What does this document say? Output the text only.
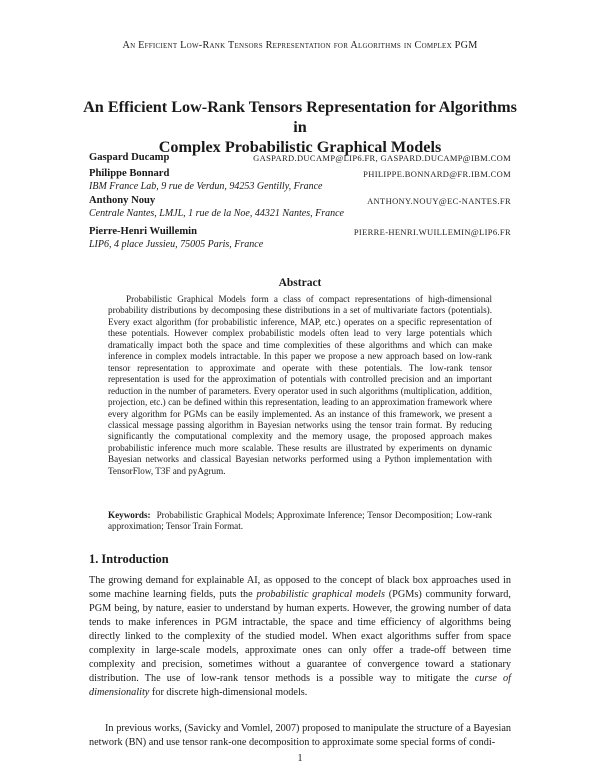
An Efficient Low-Rank Tensors Representation for Algorithms in Complex PGM
An Efficient Low-Rank Tensors Representation for Algorithms in
Complex Probabilistic Graphical Models
Gaspard Ducamp	GASPARD.DUCAMP@LIP6.FR, GASPARD.DUCAMP@IBM.COM
Philippe Bonnard	PHILIPPE.BONNARD@FR.IBM.COM
IBM France Lab, 9 rue de Verdun, 94253 Gentilly, France
Anthony Nouy	ANTHONY.NOUY@EC-NANTES.FR
Centrale Nantes, LMJL, 1 rue de la Noe, 44321 Nantes, France
Pierre-Henri Wuillemin	PIERRE-HENRI.WUILLEMIN@LIP6.FR
LIP6, 4 place Jussieu, 75005 Paris, France
Abstract

Probabilistic Graphical Models form a class of compact representations of high-dimensional probability distributions by decomposing these distributions in a set of multivariate factors (potentials). Every exact algorithm (for probabilistic inference, MAP, etc.) operates on a specific representation of these potentials. However complex probabilistic models often lead to very large potentials which dramatically impact both the space and time complexities of these algorithms and which can make inference in complex models intractable. In this paper we propose a new approach based on low-rank tensor representation to approximate and operate with these potentials. The low-rank tensor representation is used for the approximation of potentials with controlled precision and an important reduction in the number of parameters. Every operator used in such algorithms (multiplication, addition, projection, etc.) can be defined within this representation, leading to an approximation framework where every algorithm for PGMs can be easily implemented. As an instance of this framework, we present a classical message passing algorithm in Bayesian networks using the tensor train format. By reducing significantly the computational complexity and the memory usage, the proposed approach makes probabilistic inference much more scalable. These results are illustrated by experiments on dynamic Bayesian networks and classical Bayesian networks performed using a Python implementation with TensorFlow, T3F and pyAgrum.

Keywords: Probabilistic Graphical Models; Approximate Inference; Tensor Decomposition; Low-rank approximation; Tensor Train Format.

1. Introduction

The growing demand for explainable AI, as opposed to the concept of black box approaches used in some machine learning fields, puts the probabilistic graphical models (PGMs) community forward, PGM being, by nature, easier to understand by human experts. However, the growing number of data tends to make inferences in PGM intractable, the space and time efficiency of algorithms being directly linked to the complexity of the studied model. When exact algorithms suffer from space complexity in large-scale models, approximate ones can only offer a trade-off between time complexity and precision, sometimes without a guarantee of convergence toward a stationary distribution. The use of low-rank tensor methods is a possible way to mitigate the curse of dimensionality for discrete high-dimensional models.

In previous works, (Savicky and Vomlel, 2007) proposed to manipulate the structure of a Bayesian network (BN) and use tensor rank-one decomposition to approximate some special forms of condi-

1
